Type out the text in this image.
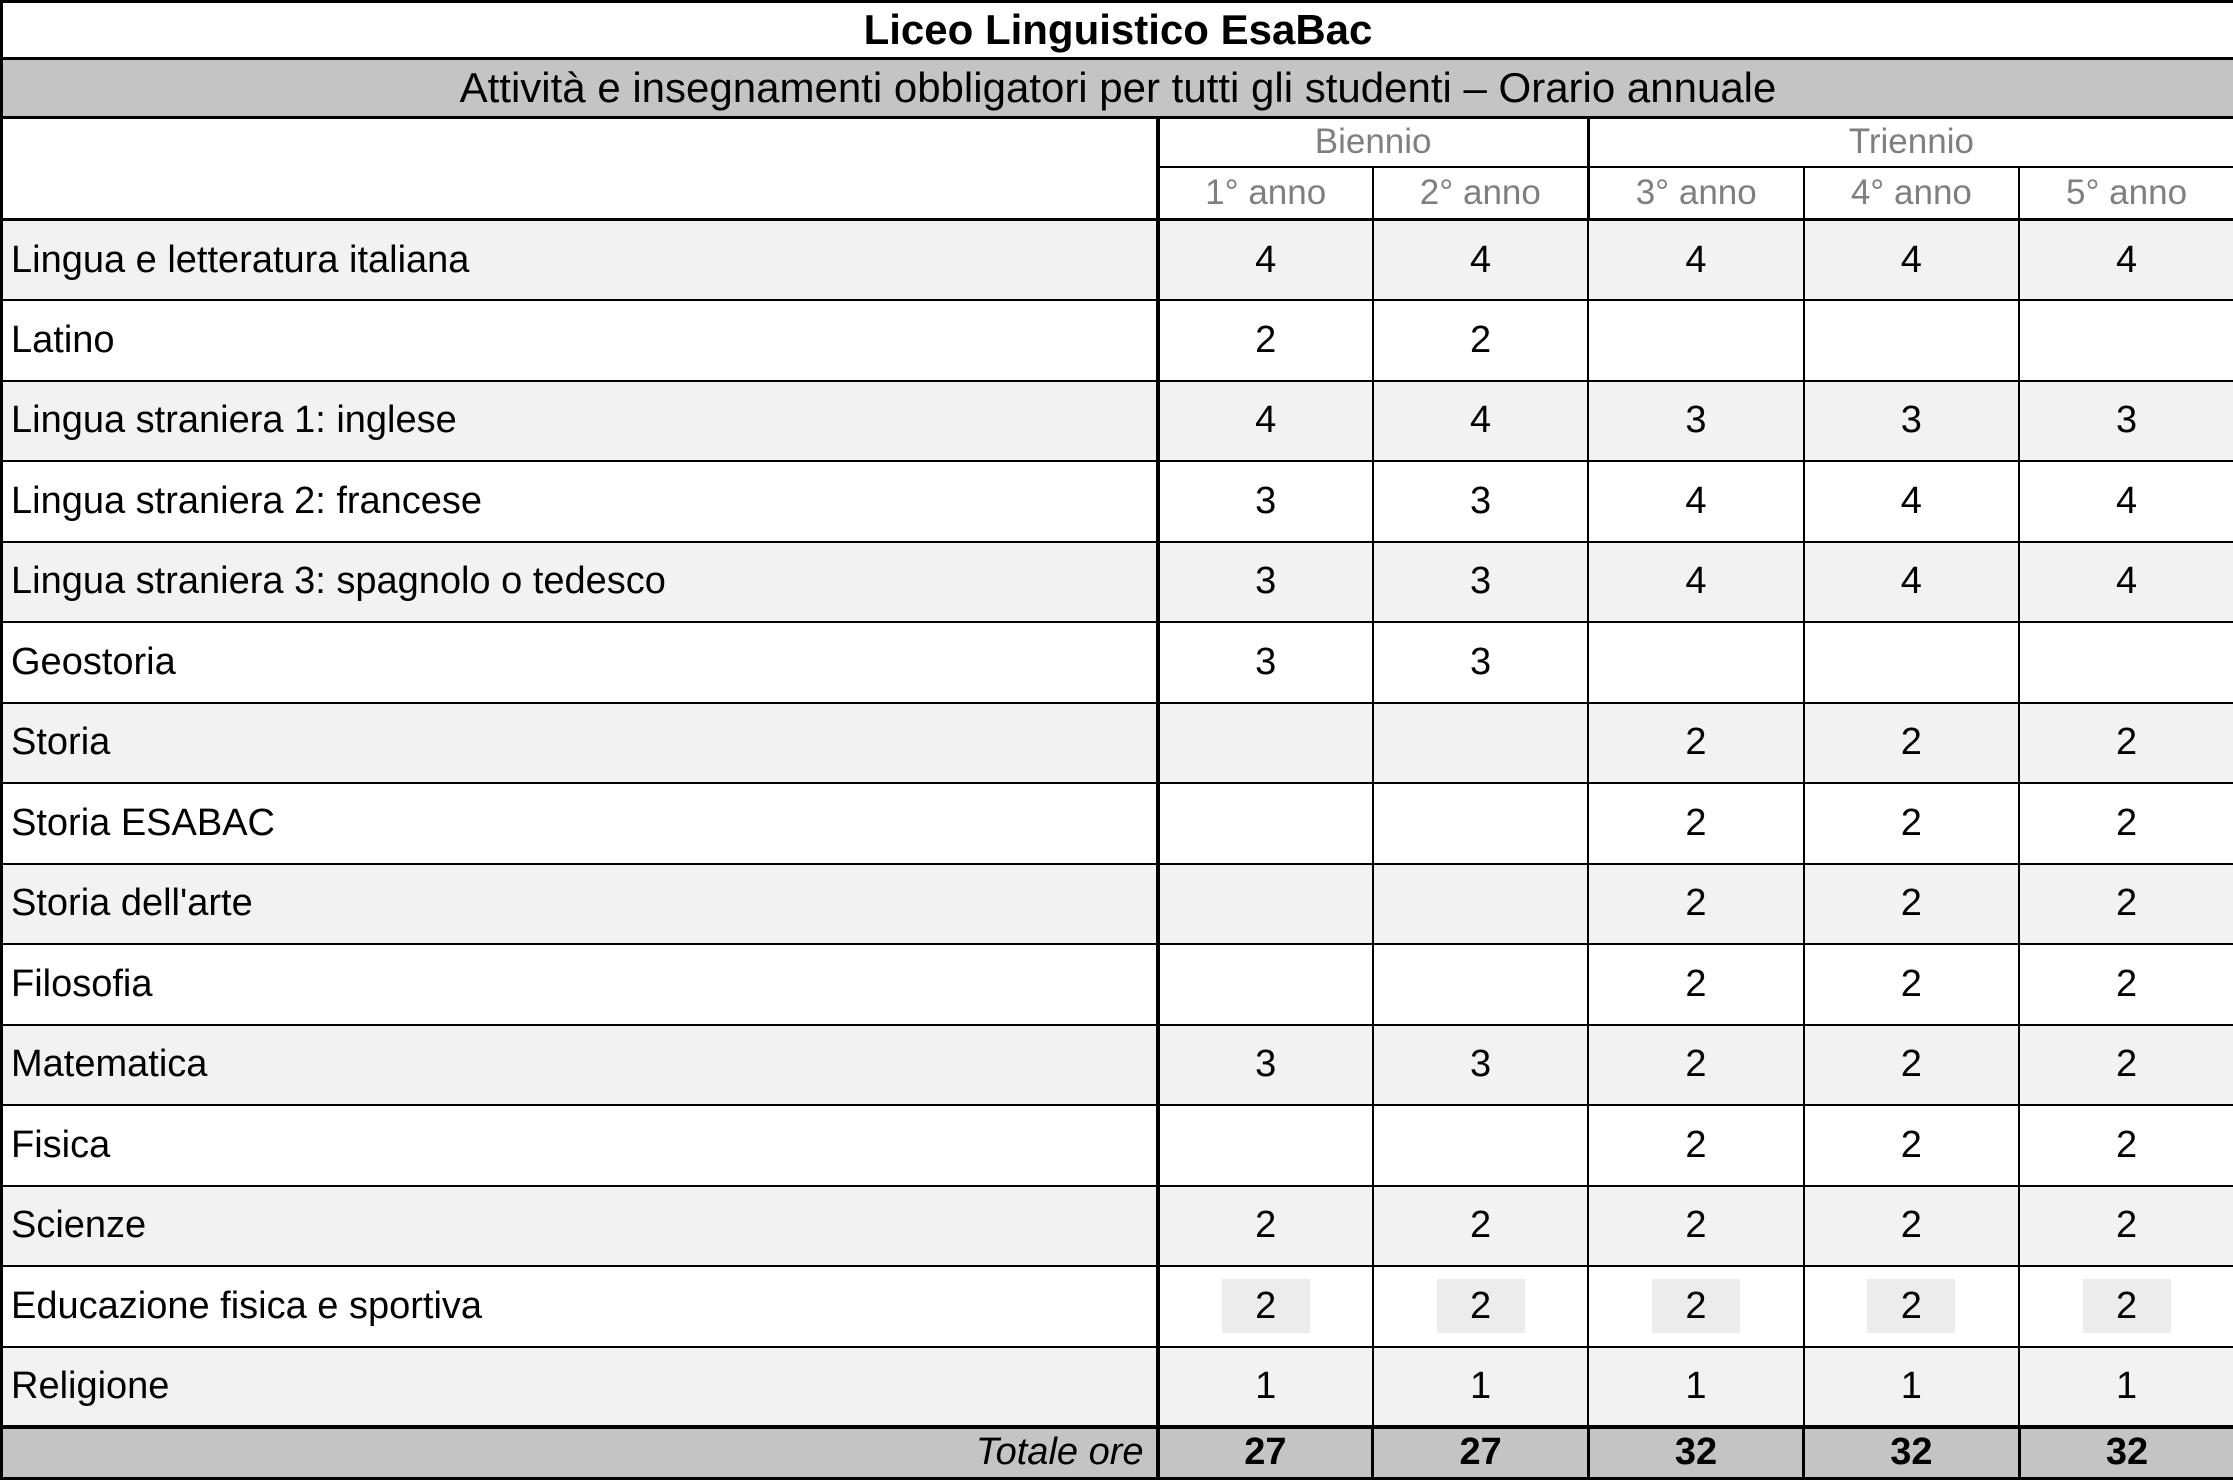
Liceo Linguistico EsaBac					
Attività e insegnamenti obbligatori per tutti gli studenti – Orario annuale					
	Biennio		Triennio		
	1° anno	2° anno	3° anno	4° anno	5° anno
Lingua e letteratura italiana	4	4	4	4	4
Latino	2	2			
Lingua straniera 1: inglese	4	4	3	3	3
Lingua straniera 2: francese	3	3	4	4	4
Lingua straniera 3: spagnolo o tedesco	3	3	4	4	4
Geostoria	3	3			
Storia			2	2	2
Storia ESABAC			2	2	2
Storia dell'arte			2	2	2
Filosofia			2	2	2
Matematica	3	3	2	2	2
Fisica			2	2	2
Scienze	2	2	2	2	2
Educazione fisica e sportiva	2	2	2	2	2
Religione	1	1	1	1	1
Totale ore	27	27	32	32	32
